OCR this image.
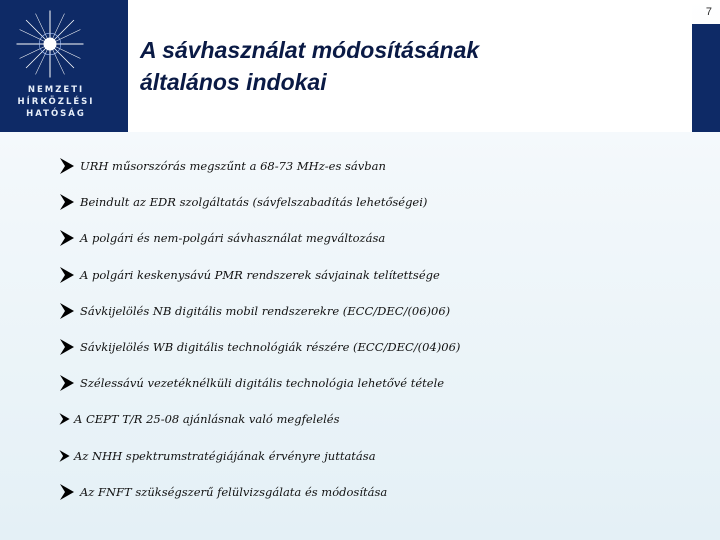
NEMZETI
HÍRKÖZLÉSI
HATÓSÁG
A sávhasználat módosításának
általános indokai
7
URH műsorszórás megszűnt a 68-73 MHz-es sávban
Beindult az EDR szolgáltatás (sávfelszabadítás lehetőségei)
A polgári és nem-polgári sávhasználat megváltozása
A polgári keskenysávú PMR rendszerek sávjainak telítettsége
Sávkijelölés NB digitális mobil rendszerekre (ECC/DEC/(06)06)
Sávkijelölés WB digitális technológiák részére (ECC/DEC/(04)06)
Szélessávú vezetéknélküli digitális technológia lehetővé tétele
A CEPT T/R 25-08 ajánlásnak való megfelelés
Az NHH spektrumstratégiájának érvényre juttatása
Az FNFT szükségszerű felülvizsgálata és módosítása
